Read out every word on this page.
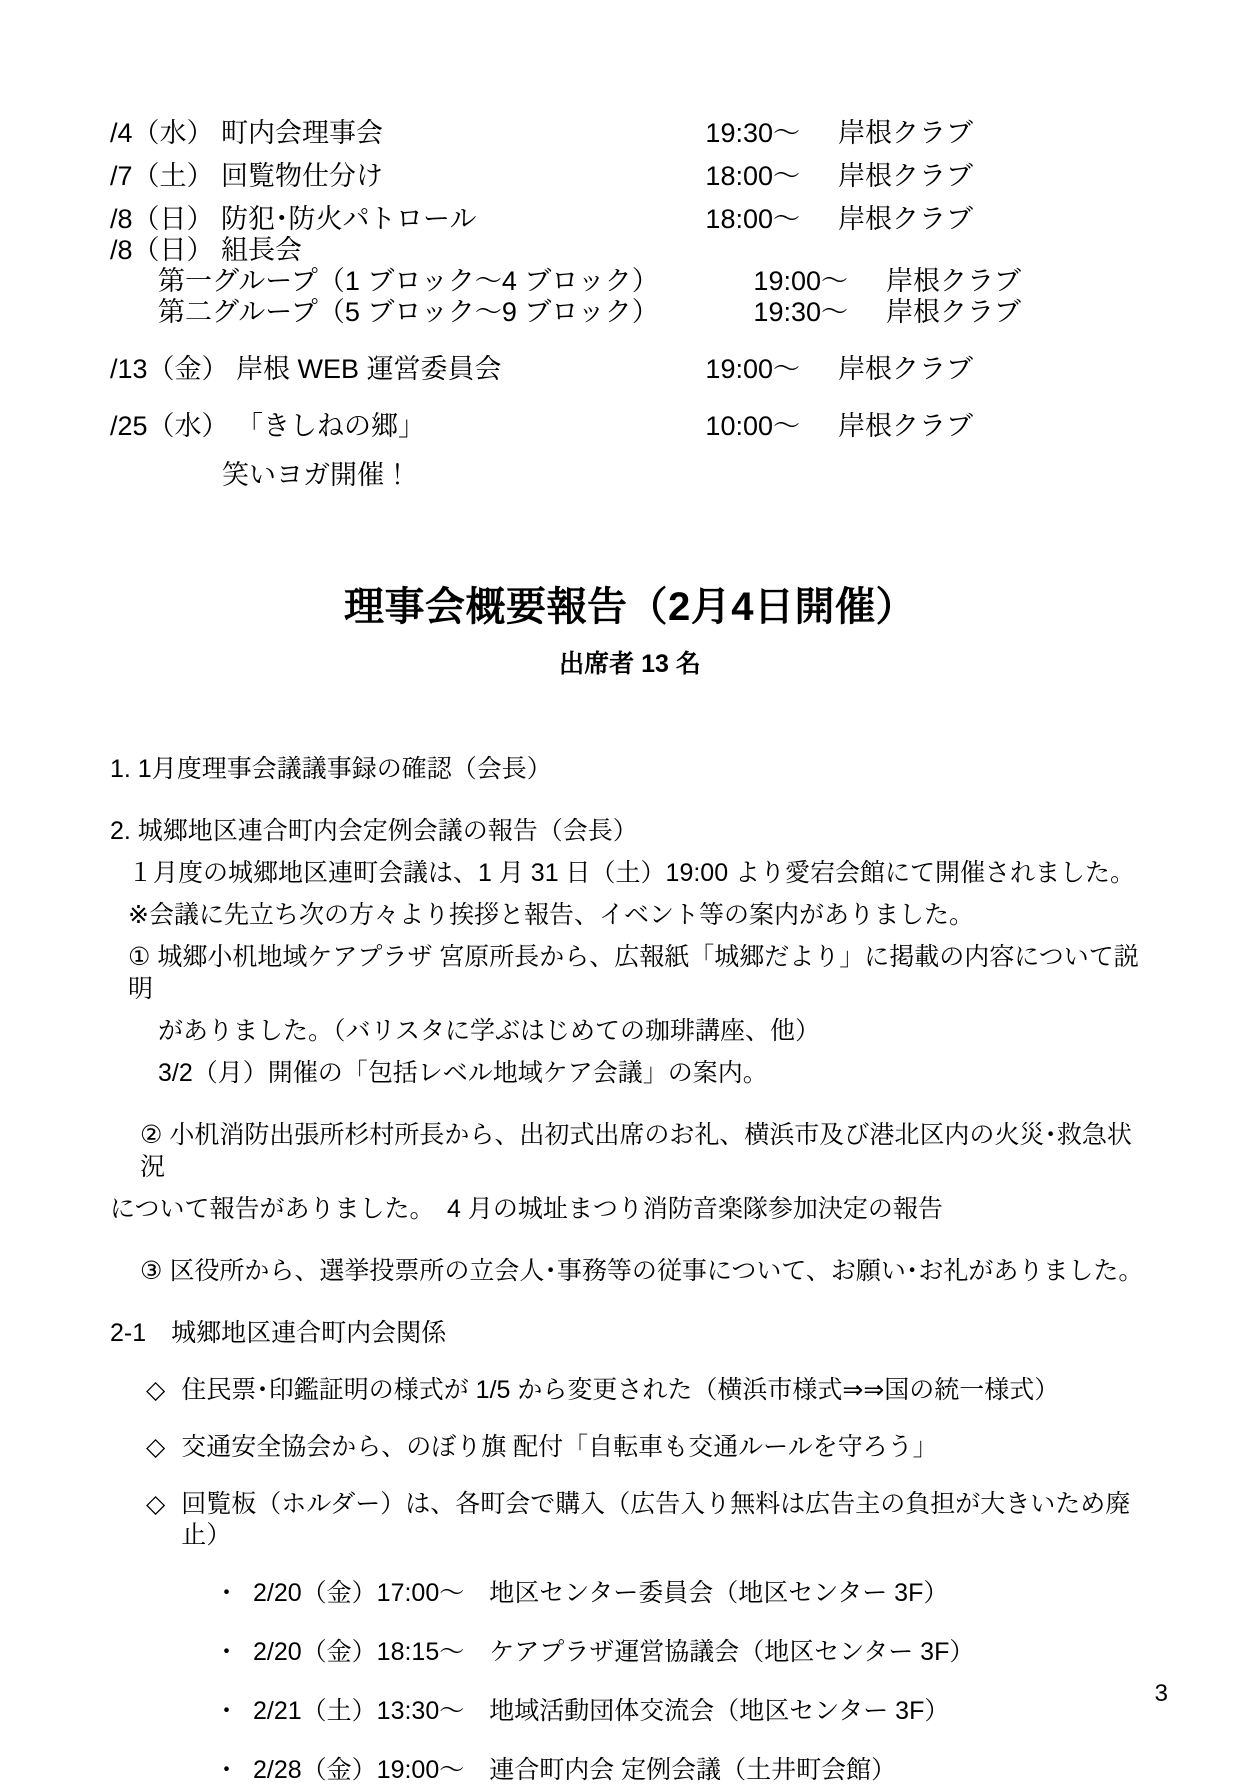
/4（水） 町内会理事会	19:30～	岸根クラブ
/7（土） 回覧物仕分け	18:00～	岸根クラブ
/8（日） 防犯･防火パトロール	18:00～	岸根クラブ
/8（日） 組長会
第一グループ（1 ブロック～4 ブロック）	19:00～	岸根クラブ
第二グループ（5 ブロック～9 ブロック）	19:30～	岸根クラブ
/13（金） 岸根 WEB 運営委員会	19:00～	岸根クラブ
/25（水） 「きしねの郷」	10:00～	岸根クラブ
笑いヨガ開催！
理事会概要報告（2月4日開催）
出席者 13 名

1. 1月度理事会議議事録の確認（会長）

2. 城郷地区連合町内会定例会議の報告（会長）

１月度の城郷地区連町会議は、1 月 31 日（土）19:00 より愛宕会館にて開催されました。

※会議に先立ち次の方々より挨拶と報告、イベント等の案内がありました。

① 城郷小机地域ケアプラザ 宮原所長から、広報紙「城郷だより」に掲載の内容について説明

がありました。（バリスタに学ぶはじめての珈琲講座、他）

3/2（月）開催の「包括レベル地域ケア会議」の案内。

② 小机消防出張所杉村所長から、出初式出席のお礼、横浜市及び港北区内の火災･救急状況

について報告がありました。　4 月の城址まつり消防音楽隊参加決定の報告

③ 区役所から、選挙投票所の立会人･事務等の従事について、お願い･お礼がありました。

2-1　城郷地区連合町内会関係

◇ 住民票･印鑑証明の様式が 1/5 から変更された（横浜市様式⇒⇒国の統一様式）
◇ 交通安全協会から、のぼり旗 配付「自転車も交通ルールを守ろう」
◇ 回覧板（ホルダー）は、各町会で購入（広告入り無料は広告主の負担が大きいため廃止）
・ 2/20（金）17:00～　地区センター委員会（地区センター 3F）
・ 2/20（金）18:15～　ケアプラザ運営協議会（地区センター 3F）
・ 2/21（土）13:30～　地域活動団体交流会（地区センター 3F）
・ 2/28（金）19:00～　連合町内会 定例会議（土井町会館）
3
